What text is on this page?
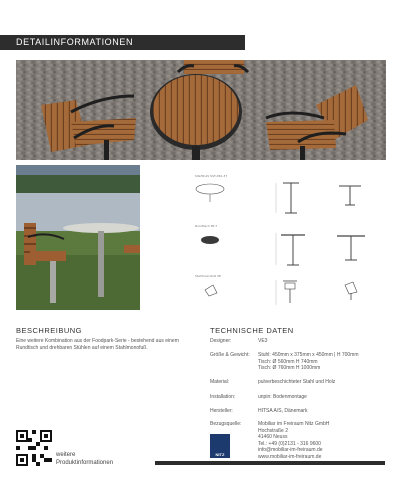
DETAILINFORMATIONEN
Sitz/Stuhl SST-450-37
Rundtisch RT-7
Stahlmonofuß VE
BESCHREIBUNG
Eine weitere Kombination aus der Foodpark-Serie - bestehend aus einem Rundtisch und drehbaren Stühlen auf einem Stahlmonofuß.
TECHNISCHE DATEN
Designer:	VE3
Größe & Gewicht: Stuhl: 450mm x 375mm x 450mm | H 700mm
Tisch: Ø 560mm H 740mm
Tisch: Ø 760mm H 1000mm
Material:	pulverbeschichteter Stahl und Holz
Installation:	unpin: Bodenmontage
Hersteller:	HITSA A/S, Dänemark
Bezugsquelle:	Mobiliar im Freiraum Nitz GmbH
Hochstraße 2
41460 Neuss
Tel.: +49 (0)2131 - 316 9600
info@mobiliar-im-freiraum.de
www.mobiliar-im-freiraum.de
NITZ
weitere
Produktinformationen
